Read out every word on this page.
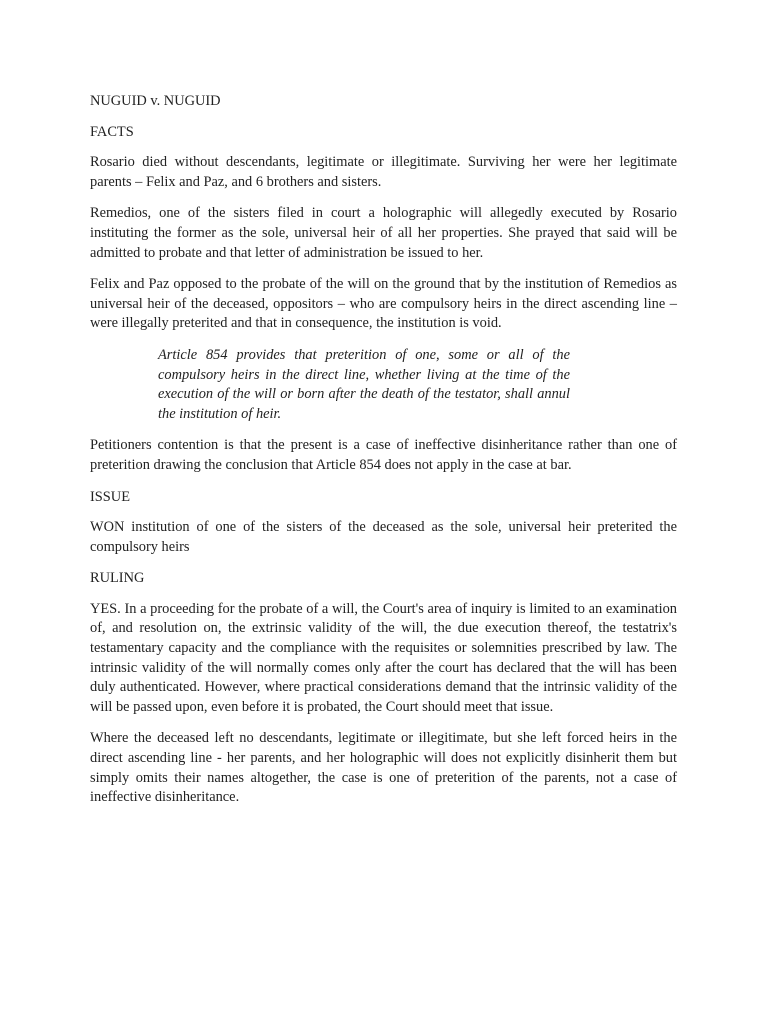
NUGUID v. NUGUID

FACTS

Rosario died without descendants, legitimate or illegitimate. Surviving her were her legitimate parents – Felix and Paz, and 6 brothers and sisters.

Remedios, one of the sisters filed in court a holographic will allegedly executed by Rosario instituting the former as the sole, universal heir of all her properties. She prayed that said will be admitted to probate and that letter of administration be issued to her.

Felix and Paz opposed to the probate of the will on the ground that by the institution of Remedios as universal heir of the deceased, oppositors – who are compulsory heirs in the direct ascending line – were illegally preterited and that in consequence, the institution is void.

Article 854 provides that preterition of one, some or all of the compulsory heirs in the direct line, whether living at the time of the execution of the will or born after the death of the testator, shall annul the institution of heir.

Petitioners contention is that the present is a case of ineffective disinheritance rather than one of preterition drawing the conclusion that Article 854 does not apply in the case at bar.

ISSUE

WON institution of one of the sisters of the deceased as the sole, universal heir preterited the compulsory heirs

RULING

YES. In a proceeding for the probate of a will, the Court's area of inquiry is limited to an examination of, and resolution on, the extrinsic validity of the will, the due execution thereof, the testatrix's testamentary capacity and the compliance with the requisites or solemnities prescribed by law. The intrinsic validity of the will normally comes only after the court has declared that the will has been duly authenticated. However, where practical considerations demand that the intrinsic validity of the will be passed upon, even before it is probated, the Court should meet that issue.

Where the deceased left no descendants, legitimate or illegitimate, but she left forced heirs in the direct ascending line - her parents, and her holographic will does not explicitly disinherit them but simply omits their names altogether, the case is one of preterition of the parents, not a case of ineffective disinheritance.
